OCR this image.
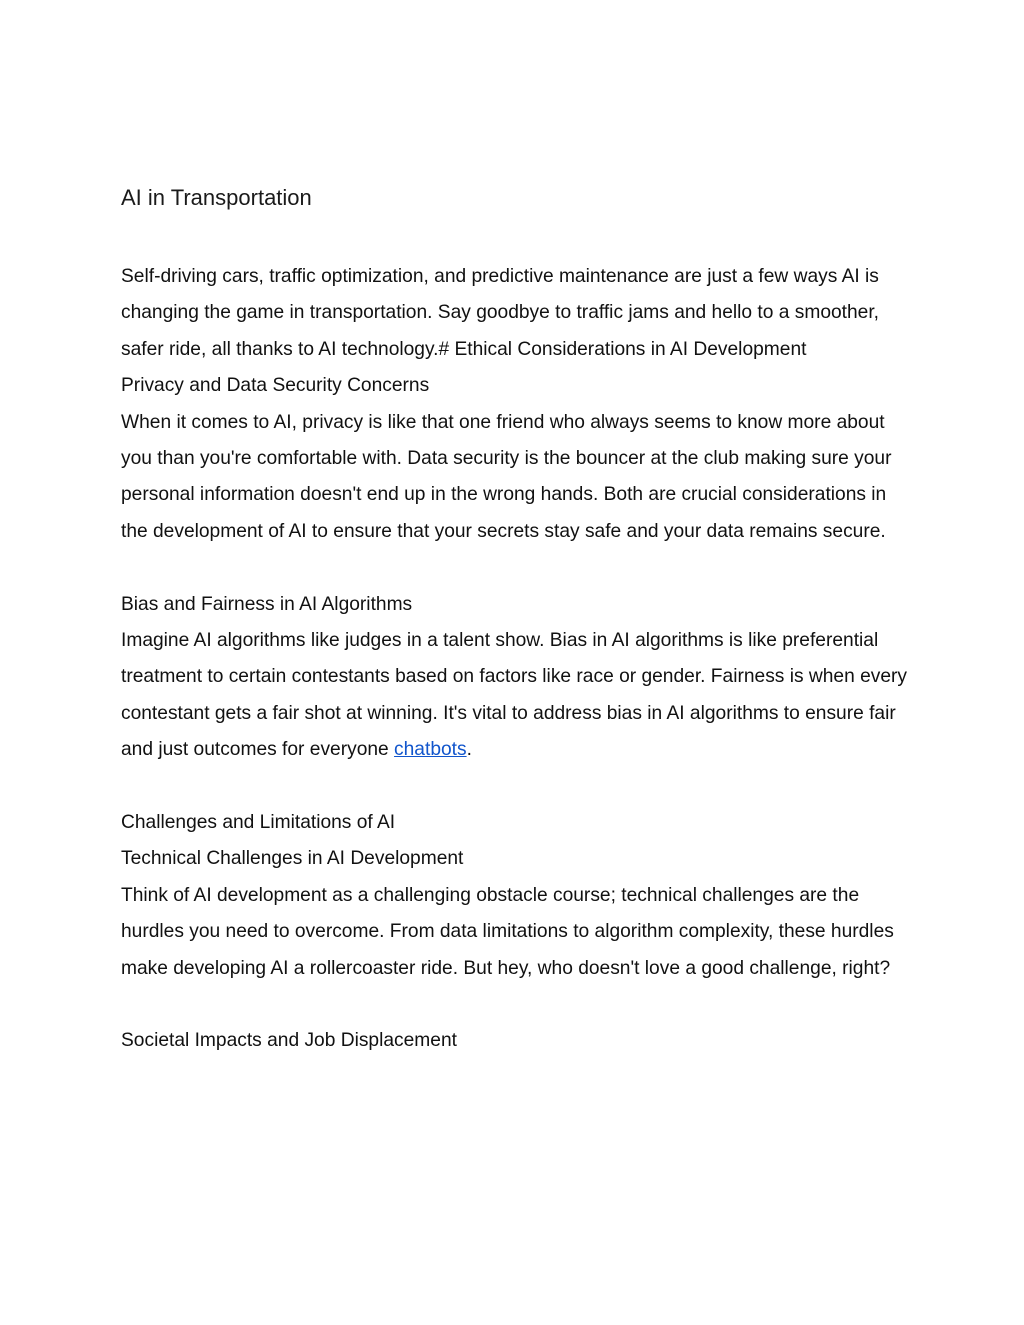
AI in Transportation

Self-driving cars, traffic optimization, and predictive maintenance are just a few ways AI is changing the game in transportation. Say goodbye to traffic jams and hello to a smoother, safer ride, all thanks to AI technology.# Ethical Considerations in AI Development

Privacy and Data Security Concerns

When it comes to AI, privacy is like that one friend who always seems to know more about you than you're comfortable with. Data security is the bouncer at the club making sure your personal information doesn't end up in the wrong hands. Both are crucial considerations in the development of AI to ensure that your secrets stay safe and your data remains secure.

Bias and Fairness in AI Algorithms

Imagine AI algorithms like judges in a talent show. Bias in AI algorithms is like preferential treatment to certain contestants based on factors like race or gender. Fairness is when every contestant gets a fair shot at winning. It's vital to address bias in AI algorithms to ensure fair and just outcomes for everyone chatbots.

Challenges and Limitations of AI

Technical Challenges in AI Development

Think of AI development as a challenging obstacle course; technical challenges are the hurdles you need to overcome. From data limitations to algorithm complexity, these hurdles make developing AI a rollercoaster ride. But hey, who doesn't love a good challenge, right?

Societal Impacts and Job Displacement
